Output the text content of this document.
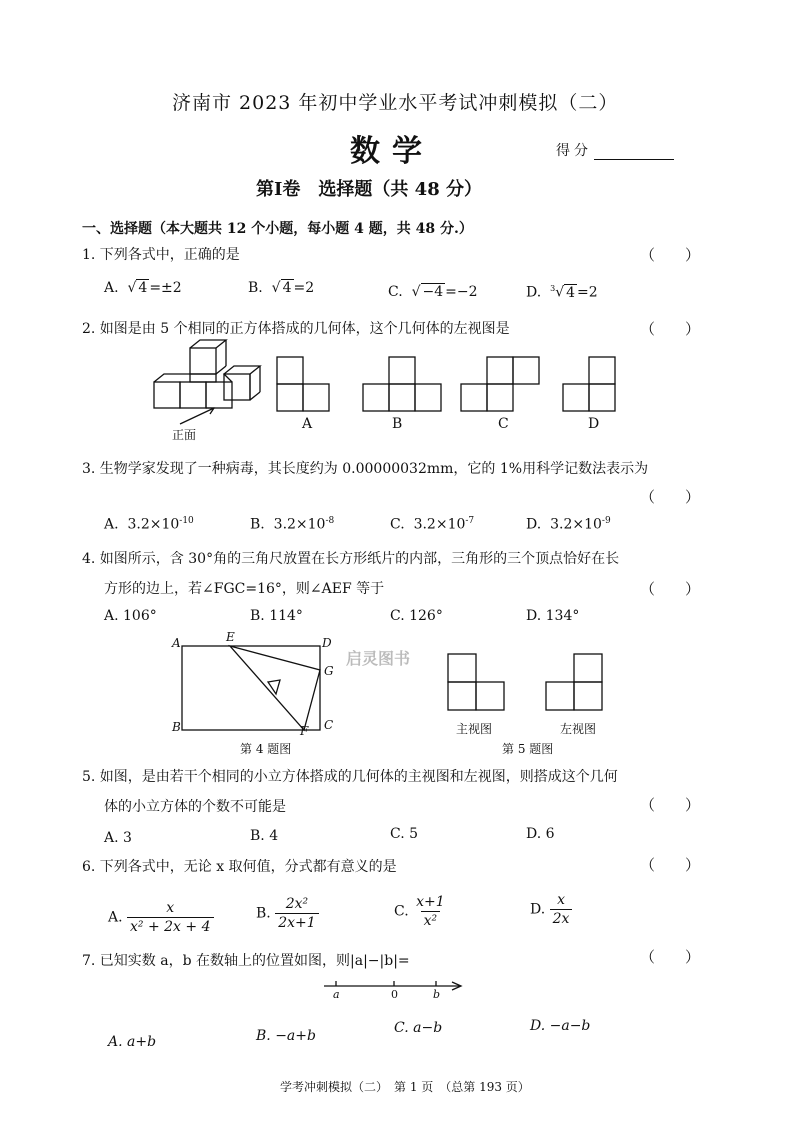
济南市 2023 年初中学业水平考试冲刺模拟（二）
数学	得分
第Ⅰ卷　选择题（共 48 分）
一、选择题（本大题共 12 个小题，每小题 4 题，共 48 分.）
1. 下列各式中，正确的是	（　　）
A.  √ 4 =±2	B.  √ 4 =2	C.  √ −4 =−2	D. $^3$√ 4 =2
2. 如图是由 5 个相同的正方体搭成的几何体，这个几何体的左视图是	（　　）
正面
A	B	C	D
3. 生物学家发现了一种病毒，其长度约为 0.00000032mm，它的 1%用科学记数法表示为
（　　）
A. $3.2\times 10^{-10}$	B. $3.2\times 10^{-8}$	C. $3.2\times 10^{-7}$	D. $3.2\times 10^{-9}$
4. 如图所示，含 30°角的三角尺放置在长方形纸片的内部，三角形的三个顶点恰好在长
方形的边上，若∠FGC=16°，则∠AEF 等于	（　　）
A. 106°	B. 114°	C. 126°	D. 134°
启灵图书
A	E	D
G
B	F C
第 4 题图
主视图	左视图
第 5 题图
5. 如图，是由若干个相同的小立方体搭成的几何体的主视图和左视图，则搭成这个几何
体的小立方体的个数不可能是	（　　）
A. 3	B. 4	C. 5	D. 6
6. 下列各式中，无论 x 取何值，分式都有意义的是	（　　）
A. $\frac{x}{\text{x² + 2x + 4}}$	B. $\frac{\text{2x²}}{2x+1}$	C. $\frac{x+1}{\text{x²}}$	D. $\frac{x}{2x}$
7. 已知实数 a，b 在数轴上的位置如图，则|a|−|b|=	（　　）
a	0	b
A. a+b	B. −a+b	C. a−b	D. −a−b
学考冲刺模拟（二）　第 1 页　（总第 193 页）
